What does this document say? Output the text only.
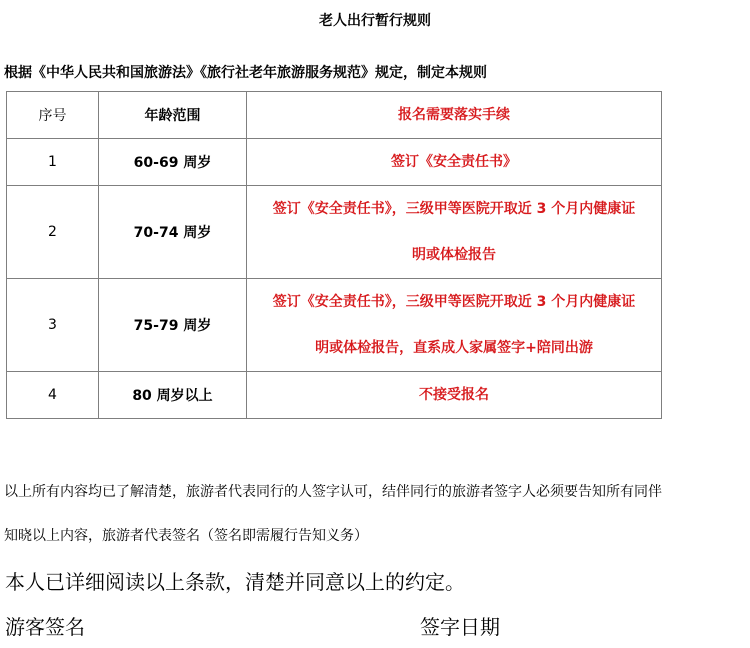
老人出行暂行规则
根据《中华人民共和国旅游法》《旅行社老年旅游服务规范》规定，制定本规则
序号	年龄范围	报名需要落实手续
1	60-69 周岁	签订《安全责任书》

2	70-74 周岁	签订《安全责任书》，三级甲等医院开取近 3 个月内健康证
明或体检报告

3	75-79 周岁	签订《安全责任书》，三级甲等医院开取近 3 个月内健康证
明或体检报告，直系成人家属签字+陪同出游

4	80 周岁以上	不接受报名
以上所有内容均已了解清楚，旅游者代表同行的人签字认可，结伴同行的旅游者签字人必须要告知所有同伴
知晓以上内容，旅游者代表签名（签名即需履行告知义务）
本人已详细阅读以上条款，清楚并同意以上的约定。
游客签名	签字日期
